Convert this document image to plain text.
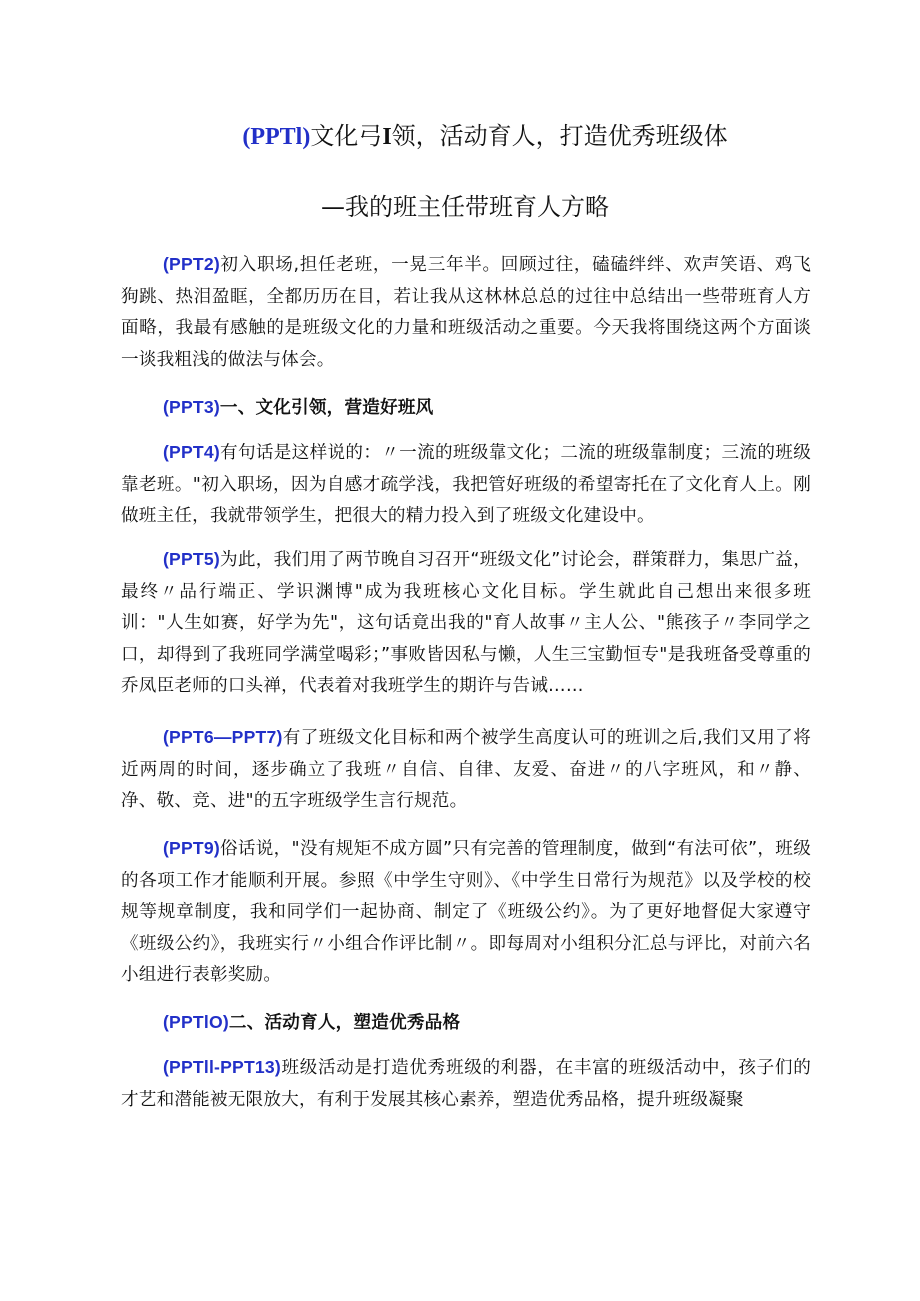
(PPTl)文化弓I领，活动育人，打造优秀班级体
—我的班主任带班育人方略

(PPT2)初入职场,担任老班，一晃三年半。回顾过往，磕磕绊绊、欢声笑语、鸡飞狗跳、热泪盈眶，全都历历在目，若让我从这林林总总的过往中总结出一些带班育人方面略，我最有感触的是班级文化的力量和班级活动之重要。今天我将围绕这两个方面谈一谈我粗浅的做法与体会。

(PPT3)一、文化引领，营造好班风

(PPT4)有句话是这样说的：〃一流的班级靠文化；二流的班级靠制度；三流的班级靠老班。"初入职场，因为自感才疏学浅，我把管好班级的希望寄托在了文化育人上。刚做班主任，我就带领学生，把很大的精力投入到了班级文化建设中。

(PPT5)为此，我们用了两节晚自习召开“班级文化”讨论会，群策群力，集思广益，最终〃品行端正、学识渊博"成为我班核心文化目标。学生就此自己想出来很多班训："人生如赛，好学为先"，这句话竟出我的"育人故事〃主人公、"熊孩子〃李同学之口，却得到了我班同学满堂喝彩；”事败皆因私与懒，人生三宝勤恒专"是我班备受尊重的乔凤臣老师的口头禅，代表着对我班学生的期许与告诫……

(PPT6—PPT7)有了班级文化目标和两个被学生高度认可的班训之后,我们又用了将近两周的时间，逐步确立了我班〃自信、自律、友爱、奋进〃的八字班风，和〃静、净、敬、竞、进"的五字班级学生言行规范。

(PPT9)俗话说，"没有规矩不成方圆”只有完善的管理制度，做到“有法可依”，班级的各项工作才能顺利开展。参照《中学生守则》、《中学生日常行为规范》以及学校的校规等规章制度，我和同学们一起协商、制定了《班级公约》。为了更好地督促大家遵守《班级公约》，我班实行〃小组合作评比制〃。即每周对小组积分汇总与评比，对前六名小组进行表彰奖励。

(PPTlO)二、活动育人，塑造优秀品格

(PPTll-PPT13)班级活动是打造优秀班级的利器，在丰富的班级活动中，孩子们的才艺和潜能被无限放大，有利于发展其核心素养，塑造优秀品格，提升班级凝聚
